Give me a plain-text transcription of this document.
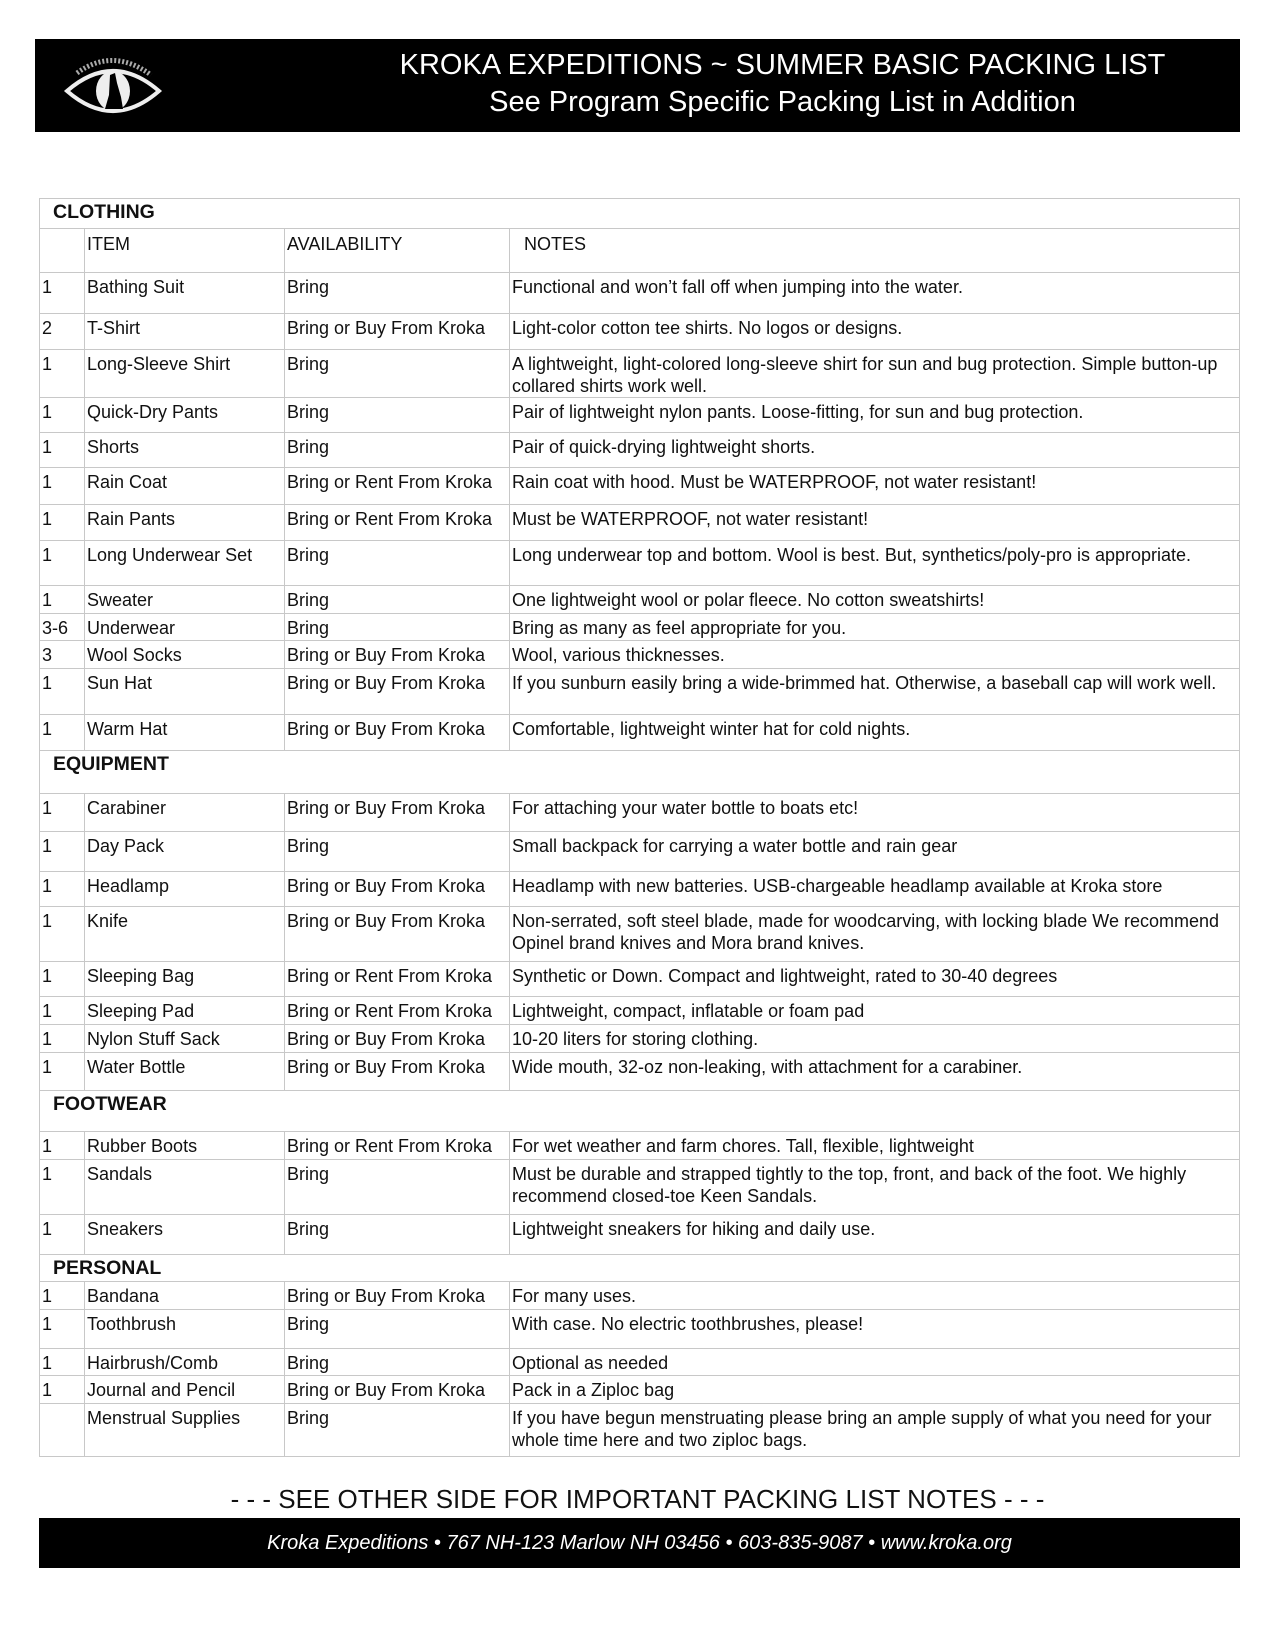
KROKA EXPEDITIONS ~ SUMMER BASIC PACKING LIST
See Program Specific Packing List in Addition
CLOTHING			
	ITEM	AVAILABILITY	NOTES
1	Bathing Suit	Bring	Functional and won’t fall off when jumping into the water.
2	T-Shirt	Bring or Buy From Kroka	Light-color cotton tee shirts. No logos or designs.
1	Long-Sleeve Shirt	Bring	A lightweight, light-colored long-sleeve shirt for sun and bug protection. Simple button-up collared shirts work well.
1	Quick-Dry Pants	Bring	Pair of lightweight nylon pants. Loose-fitting, for sun and bug protection.
1	Shorts	Bring	Pair of quick-drying lightweight shorts.
1	Rain Coat	Bring or Rent From Kroka	Rain coat with hood. Must be WATERPROOF, not water resistant!
1	Rain Pants	Bring or Rent From Kroka	Must be WATERPROOF, not water resistant!
1	Long Underwear Set	Bring	Long underwear top and bottom. Wool is best. But, synthetics/poly-pro is appropriate.
1	Sweater	Bring	One lightweight wool or polar fleece. No cotton sweatshirts!
3-6	Underwear	Bring	Bring as many as feel appropriate for you.
3	Wool Socks	Bring or Buy From Kroka	Wool, various thicknesses.
1	Sun Hat	Bring or Buy From Kroka	If you sunburn easily bring a wide-brimmed hat. Otherwise, a baseball cap will work well.
1	Warm Hat	Bring or Buy From Kroka	Comfortable, lightweight winter hat for cold nights.
EQUIPMENT			
1	Carabiner	Bring or Buy From Kroka	For attaching your water bottle to boats etc!
1	Day Pack	Bring	Small backpack for carrying a water bottle and rain gear
1	Headlamp	Bring or Buy From Kroka	Headlamp with new batteries. USB-chargeable headlamp available at Kroka store
1	Knife	Bring or Buy From Kroka	Non-serrated, soft steel blade, made for woodcarving, with locking blade We recommend Opinel brand knives and Mora brand knives.
1	Sleeping Bag	Bring or Rent From Kroka	Synthetic or Down. Compact and lightweight, rated to 30-40 degrees
1	Sleeping Pad	Bring or Rent From Kroka	Lightweight, compact, inflatable or foam pad
1	Nylon Stuff Sack	Bring or Buy From Kroka	10-20 liters for storing clothing.
1	Water Bottle	Bring or Buy From Kroka	Wide mouth, 32-oz non-leaking, with attachment for a carabiner.
FOOTWEAR			
1	Rubber Boots	Bring or Rent From Kroka	For wet weather and farm chores. Tall, flexible, lightweight
1	Sandals	Bring	Must be durable and strapped tightly to the top, front, and back of the foot. We highly recommend closed-toe Keen Sandals.
1	Sneakers	Bring	Lightweight sneakers for hiking and daily use.
PERSONAL			
1	Bandana	Bring or Buy From Kroka	For many uses.
1	Toothbrush	Bring	With case. No electric toothbrushes, please!
1	Hairbrush/Comb	Bring	Optional as needed
1	Journal and Pencil	Bring or Buy From Kroka	Pack in a Ziploc bag
	Menstrual Supplies	Bring	If you have begun menstruating please bring an ample supply of what you need for your whole time here and two ziploc bags.
- - - SEE OTHER SIDE FOR IMPORTANT PACKING LIST NOTES - - -
Kroka Expeditions • 767 NH-123 Marlow NH 03456 • 603-835-9087 • www.kroka.org
